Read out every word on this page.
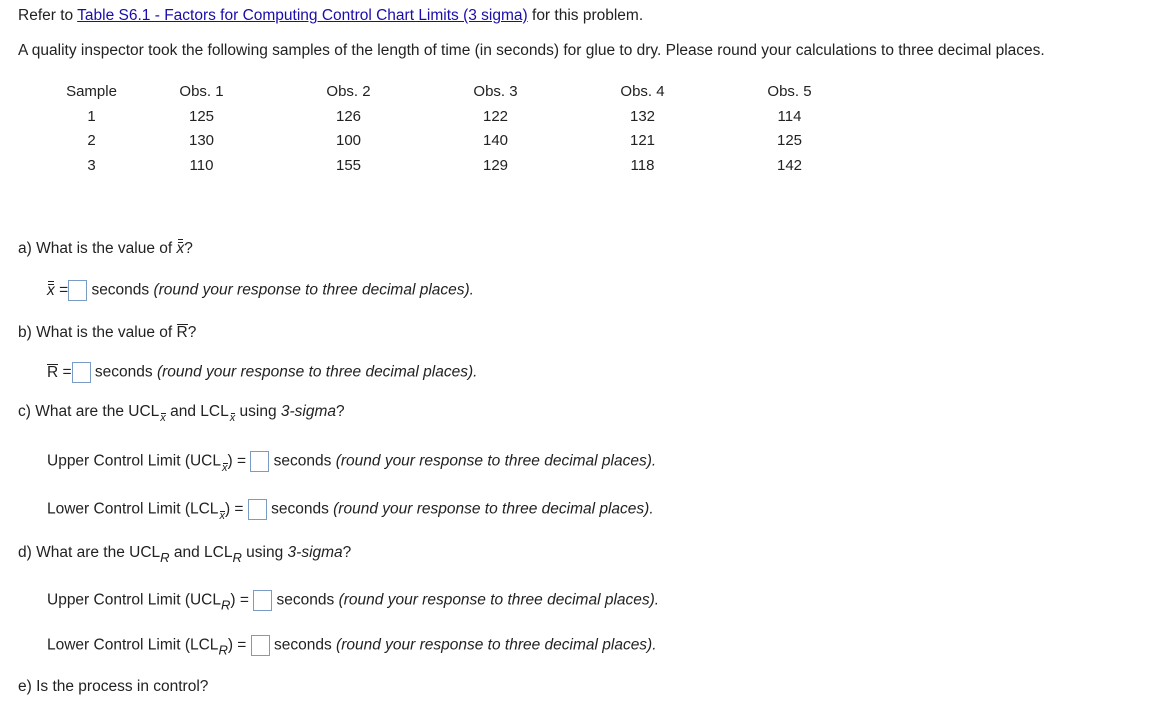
Refer to Table S6.1 - Factors for Computing Control Chart Limits (3 sigma) for this problem.
A quality inspector took the following samples of the length of time (in seconds) for glue to dry. Please round your calculations to three decimal places.
Sample	Obs. 1	Obs. 2	Obs. 3	Obs. 4	Obs. 5
1	125	126	122	132	114
2	130	100	140	121	125
3	110	155	129	118	142
a) What is the value of x?
x = seconds (round your response to three decimal places).
b) What is the value of R?
R = seconds (round your response to three decimal places).
c) What are the UCLx and LCLx using 3-sigma?
Upper Control Limit (UCLx) =  seconds (round your response to three decimal places).
Lower Control Limit (LCLx) =  seconds (round your response to three decimal places).
d) What are the $UCL_R$ and $LCL_R$ using 3-sigma?
Upper Control Limit $(UCL_R)$ =  seconds (round your response to three decimal places).
Lower Control Limit $(LCL_R)$ =  seconds (round your response to three decimal places).
e) Is the process in control?
